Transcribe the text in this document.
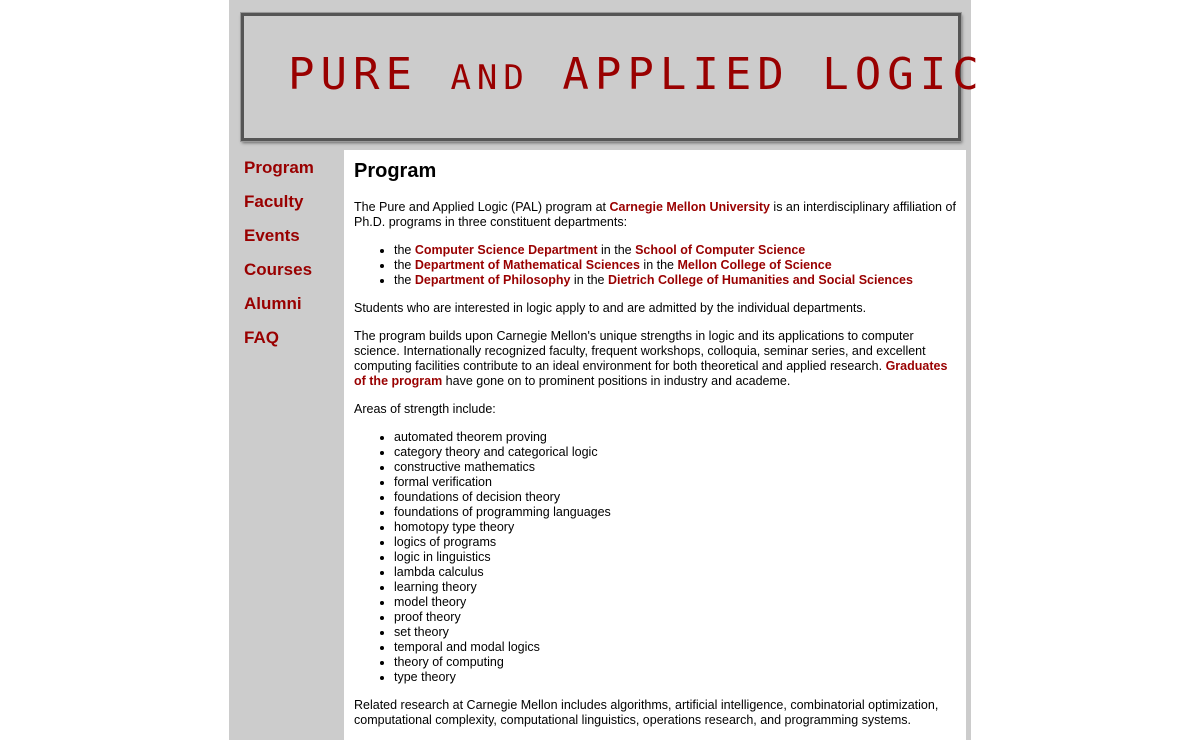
PURE AND APPLIED LOGIC
Program
Faculty
Events
Courses
Alumni
FAQ
Program

The Pure and Applied Logic (PAL) program at Carnegie Mellon University is an interdisciplinary affiliation of Ph.D. programs in three constituent departments:

• the Computer Science Department in the School of Computer Science
• the Department of Mathematical Sciences in the Mellon College of Science
• the Department of Philosophy in the Dietrich College of Humanities and Social Sciences

Students who are interested in logic apply to and are admitted by the individual departments.

The program builds upon Carnegie Mellon's unique strengths in logic and its applications to computer science. Internationally recognized faculty, frequent workshops, colloquia, seminar series, and excellent computing facilities contribute to an ideal environment for both theoretical and applied research. Graduates of the program have gone on to prominent positions in industry and academe.

Areas of strength include:

• automated theorem proving
• category theory and categorical logic
• constructive mathematics
• formal verification
• foundations of decision theory
• foundations of programming languages
• homotopy type theory
• logics of programs
• logic in linguistics
• lambda calculus
• learning theory
• model theory
• proof theory
• set theory
• temporal and modal logics
• theory of computing
• type theory

Related research at Carnegie Mellon includes algorithms, artificial intelligence, combinatorial optimization, computational complexity, computational linguistics, operations research, and programming systems.
